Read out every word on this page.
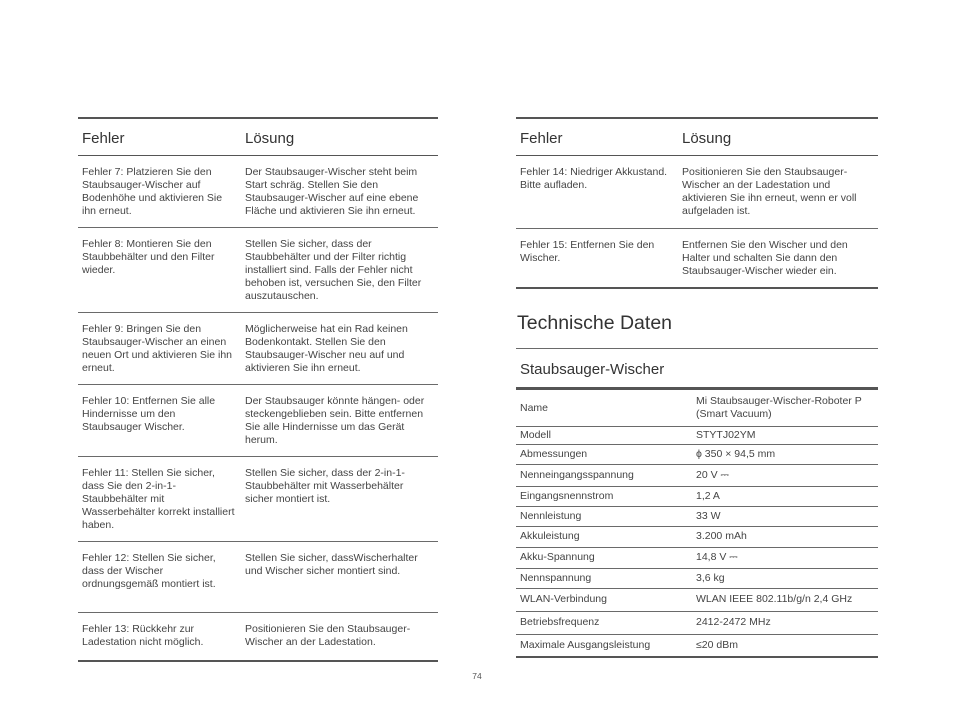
Fehler	Lösung
Fehler 7: Platzieren Sie den Staubsauger-Wischer auf Bodenhöhe und aktivieren Sie ihn erneut.	Der Staubsauger-Wischer steht beim Start schräg. Stellen Sie den Staubsauger-Wischer auf eine ebene Fläche und aktivieren Sie ihn erneut.
Fehler 8: Montieren Sie den Staubbehälter und den Filter wieder.	Stellen Sie sicher, dass der Staubbehälter und der Filter richtig installiert sind. Falls der Fehler nicht behoben ist, versuchen Sie, den Filter auszutauschen.
Fehler 9: Bringen Sie den Staubsauger-Wischer an einen neuen Ort und aktivieren Sie ihn erneut.	Möglicherweise hat ein Rad keinen Bodenkontakt. Stellen Sie den Staubsauger-Wischer neu auf und aktivieren Sie ihn erneut.
Fehler 10: Entfernen Sie alle Hindernisse um den Staubsauger Wischer.	Der Staubsauger könnte hängen- oder steckengeblieben sein. Bitte entfernen Sie alle Hindernisse um das Gerät herum.
Fehler 11: Stellen Sie sicher, dass Sie den 2-in-1-Staubbehälter mit Wasserbehälter korrekt installiert haben.	Stellen Sie sicher, dass der 2-in-1-Staubbehälter mit Wasserbehälter sicher montiert ist.
Fehler 12: Stellen Sie sicher, dass der Wischer ordnungsgemäß montiert ist.	Stellen Sie sicher, dassWischerhalter und Wischer sicher montiert sind.
Fehler 13: Rückkehr zur Ladestation nicht möglich.	Positionieren Sie den Staubsauger-Wischer an der Ladestation.
Fehler	Lösung
Fehler 14: Niedriger Akkustand. Bitte aufladen.	Positionieren Sie den Staubsauger-Wischer an der Ladestation und aktivieren Sie ihn erneut, wenn er voll aufgeladen ist.
Fehler 15: Entfernen Sie den Wischer.	Entfernen Sie den Wischer und den Halter und schalten Sie dann den Staubsauger-Wischer wieder ein.
Technische Daten
Staubsauger-Wischer
Name	Mi Staubsauger-Wischer-Roboter P (Smart Vacuum)
Modell	STYTJ02YM
Abmessungen	ϕ 350 × 94,5 mm
Nenneingangsspannung	20 V ⎓
Eingangsnennstrom	1,2 A
Nennleistung	33 W
Akkuleistung	3.200 mAh
Akku-Spannung	14,8 V ⎓
Nennspannung	3,6 kg
WLAN-Verbindung	WLAN IEEE 802.11b/g/n 2,4 GHz
Betriebsfrequenz	2412-2472 MHz
Maximale Ausgangsleistung	≤20 dBm
74
